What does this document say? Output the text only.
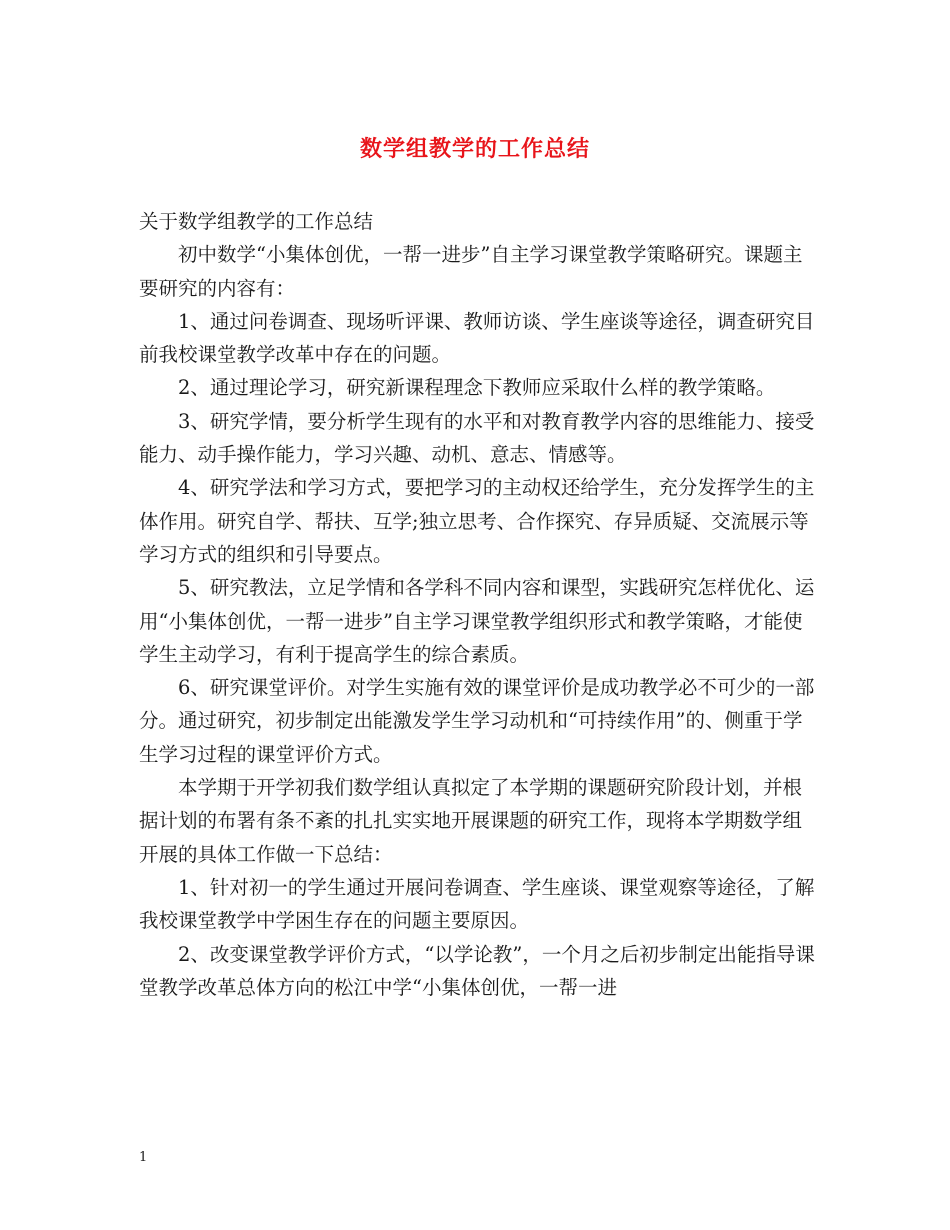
数学组教学的工作总结

关于数学组教学的工作总结

初中数学“小集体创优，一帮一进步”自主学习课堂教学策略研究。课题主要研究的内容有：

1、通过问卷调查、现场听评课、教师访谈、学生座谈等途径，调查研究目前我校课堂教学改革中存在的问题。

2、通过理论学习，研究新课程理念下教师应采取什么样的教学策略。

3、研究学情，要分析学生现有的水平和对教育教学内容的思维能力、接受能力、动手操作能力，学习兴趣、动机、意志、情感等。

4、研究学法和学习方式，要把学习的主动权还给学生，充分发挥学生的主体作用。研究自学、帮扶、互学;独立思考、合作探究、存异质疑、交流展示等学习方式的组织和引导要点。

5、研究教法，立足学情和各学科不同内容和课型，实践研究怎样优化、运用“小集体创优，一帮一进步”自主学习课堂教学组织形式和教学策略，才能使学生主动学习，有利于提高学生的综合素质。

6、研究课堂评价。对学生实施有效的课堂评价是成功教学必不可少的一部分。通过研究，初步制定出能激发学生学习动机和“可持续作用”的、侧重于学生学习过程的课堂评价方式。

本学期于开学初我们数学组认真拟定了本学期的课题研究阶段计划，并根据计划的布署有条不紊的扎扎实实地开展课题的研究工作，现将本学期数学组开展的具体工作做一下总结：

1、针对初一的学生通过开展问卷调查、学生座谈、课堂观察等途径，了解我校课堂教学中学困生存在的问题主要原因。

2、改变课堂教学评价方式，“以学论教”，一个月之后初步制定出能指导课堂教学改革总体方向的松江中学“小集体创优，一帮一进

1
